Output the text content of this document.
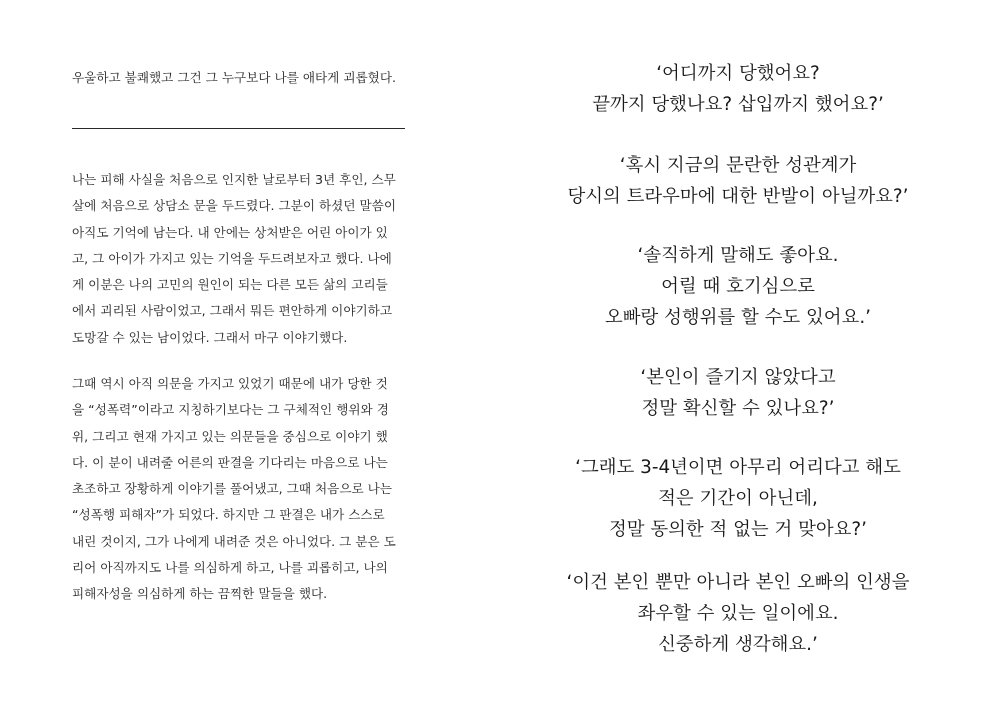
우울하고 불쾌했고 그건 그 누구보다 나를 애타게 괴롭혔다.

나는 피해 사실을 처음으로 인지한 날로부터 3년 후인, 스무
살에 처음으로 상담소 문을 두드렸다. 그분이 하셨던 말씀이
아직도 기억에 남는다. 내 안에는 상처받은 어린 아이가 있
고, 그 아이가 가지고 있는 기억을 두드려보자고 했다. 나에
게 이분은 나의 고민의 원인이 되는 다른 모든 삶의 고리들
에서 괴리된 사람이었고, 그래서 뭐든 편안하게 이야기하고
도망갈 수 있는 남이었다. 그래서 마구 이야기했다.

그때 역시 아직 의문을 가지고 있었기 때문에 내가 당한 것
을 “성폭력”이라고 지칭하기보다는 그 구체적인 행위와 경
위, 그리고 현재 가지고 있는 의문들을 중심으로 이야기 했
다. 이 분이 내려줄 어른의 판결을 기다리는 마음으로 나는
초조하고 장황하게 이야기를 풀어냈고, 그때 처음으로 나는
“성폭행 피해자”가 되었다. 하지만 그 판결은 내가 스스로
내린 것이지, 그가 나에게 내려준 것은 아니었다. 그 분은 도
리어 아직까지도 나를 의심하게 하고, 나를 괴롭히고, 나의
피해자성을 의심하게 하는 끔찍한 말들을 했다.

‘어디까지 당했어요?
끝까지 당했나요? 삽입까지 했어요?’

‘혹시 지금의 문란한 성관계가
당시의 트라우마에 대한 반발이 아닐까요?’

‘솔직하게 말해도 좋아요.
어릴 때 호기심으로
오빠랑 성행위를 할 수도 있어요.’

‘본인이 즐기지 않았다고
정말 확신할 수 있나요?’

‘그래도 3-4년이면 아무리 어리다고 해도
적은 기간이 아닌데,
정말 동의한 적 없는 거 맞아요?’

‘이건 본인 뿐만 아니라 본인 오빠의 인생을
좌우할 수 있는 일이에요.
신중하게 생각해요.’
